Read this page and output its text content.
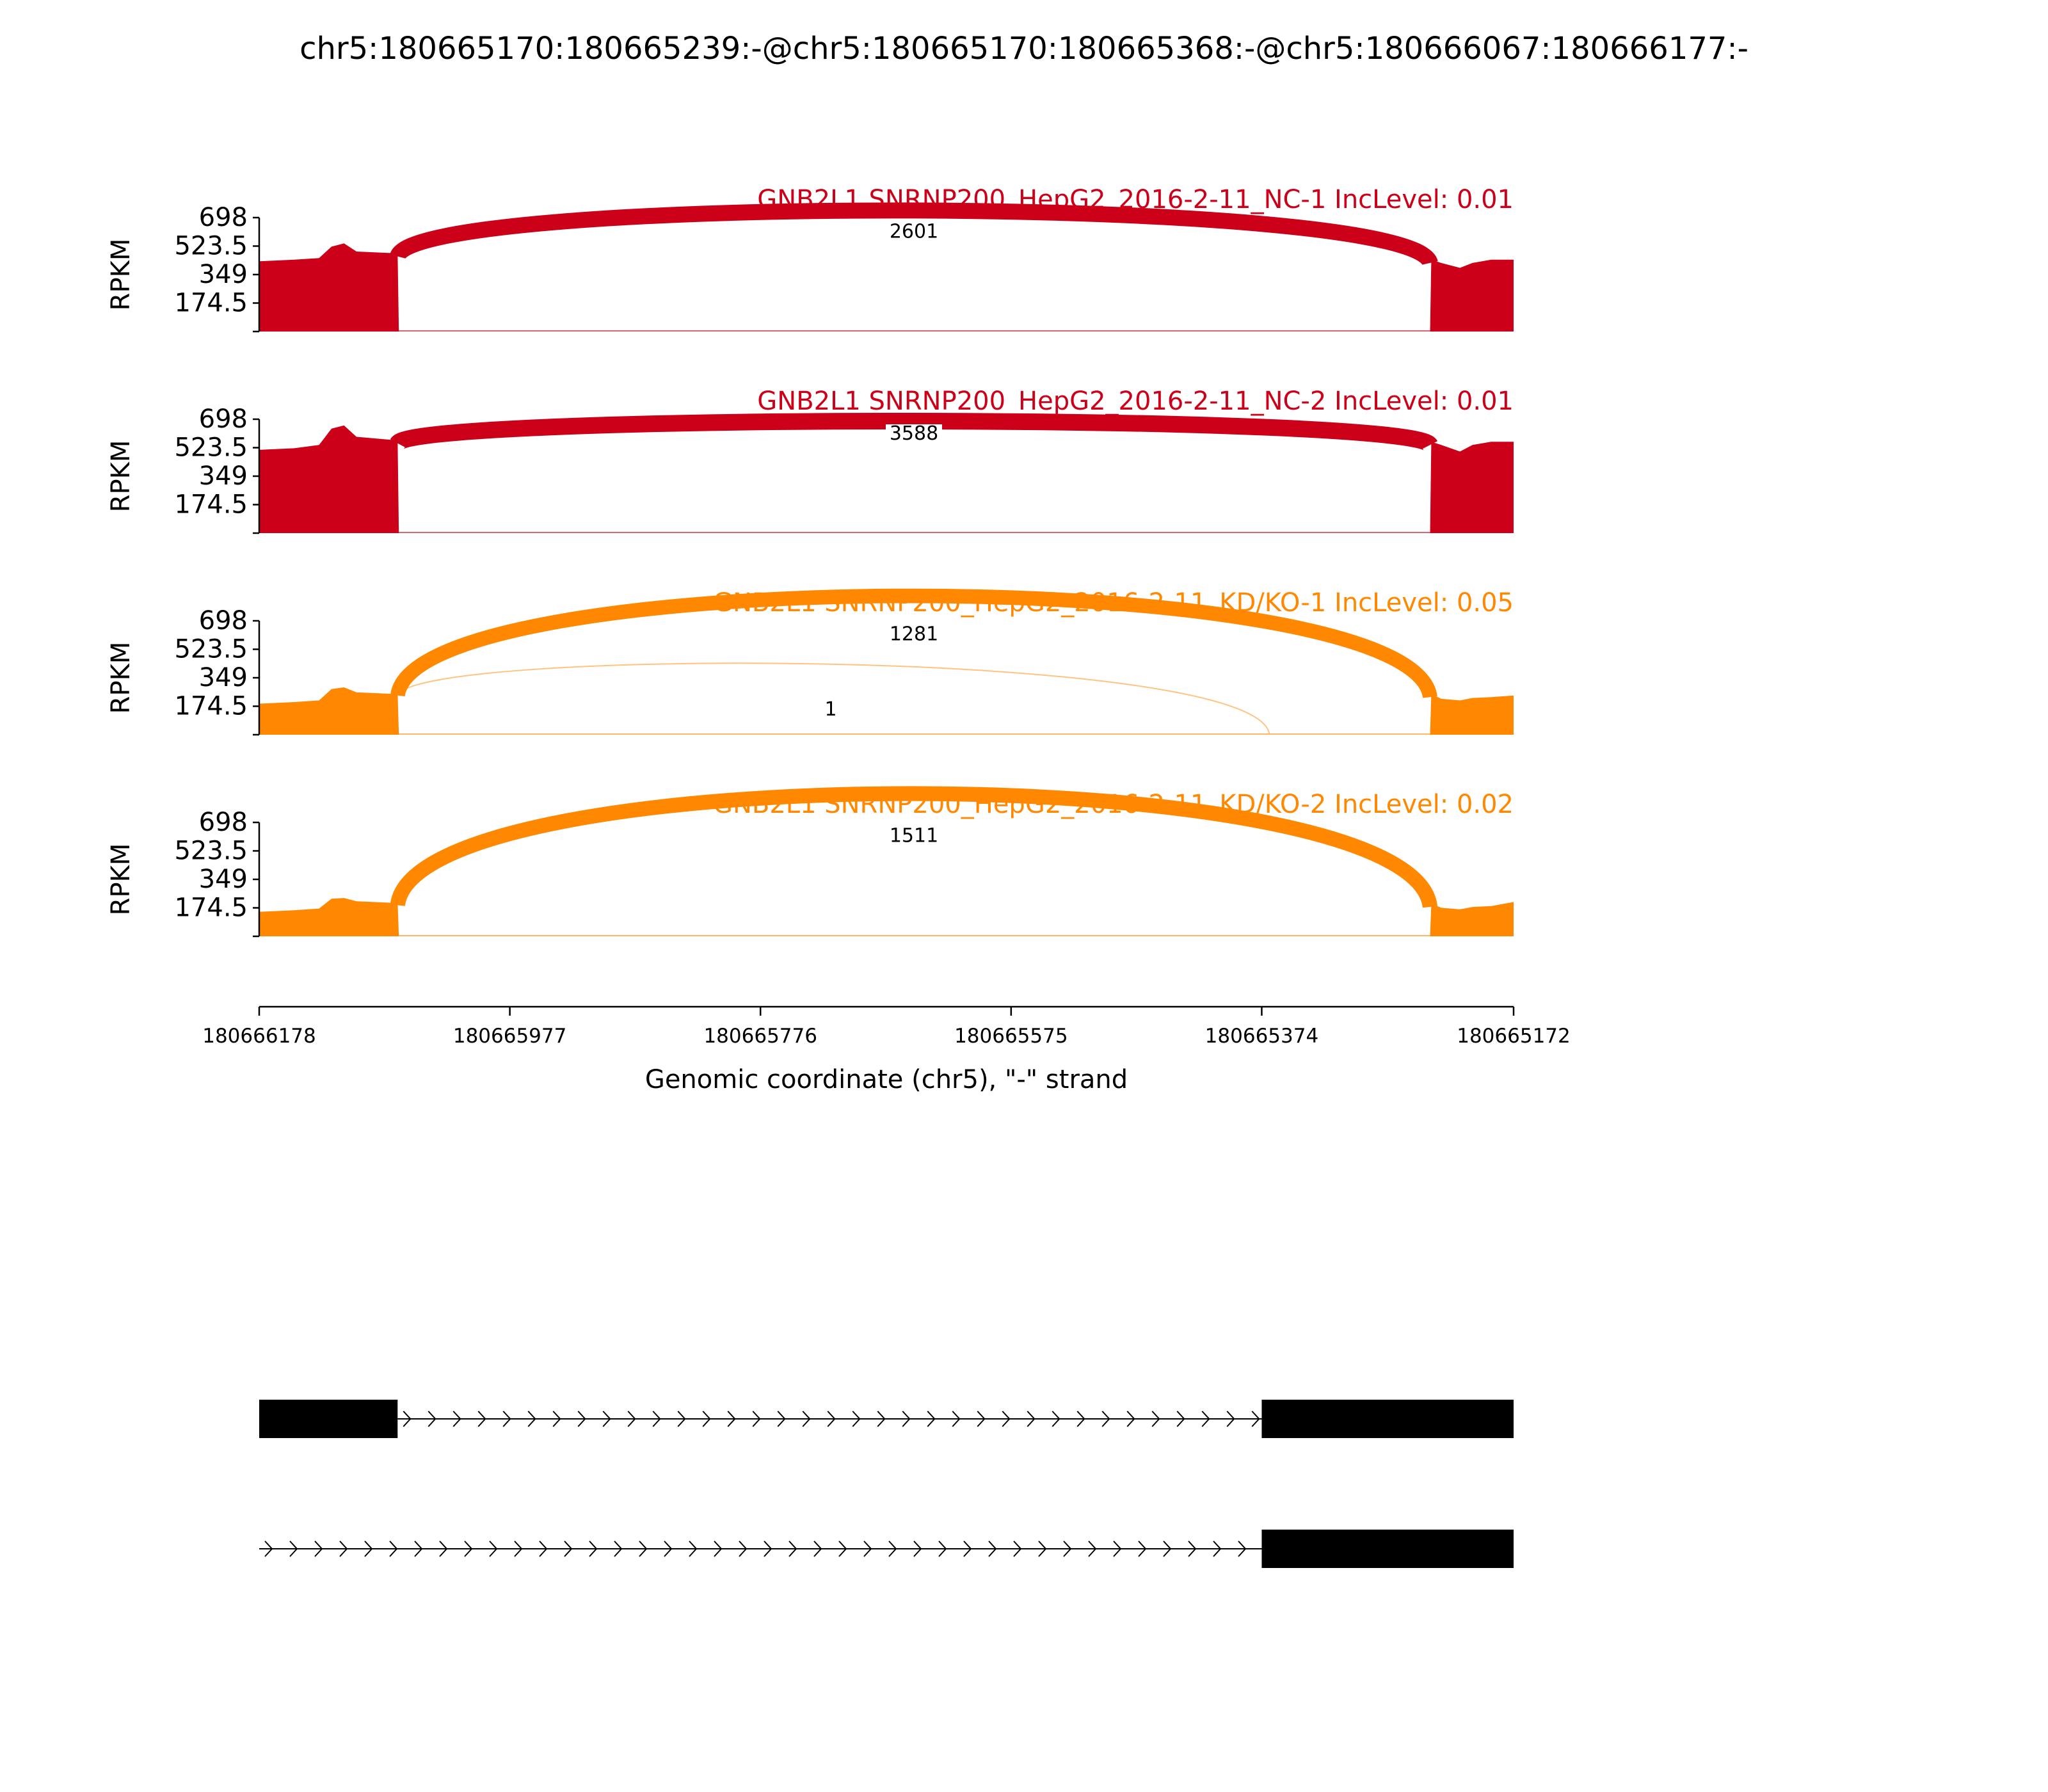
chr5:180665170:180665239:-@chr5:180665170:180665368:-@chr5:180666067:180666177:-
2601
174.5
349
523.5
698
RPKM
GNB2L1 SNRNP200_HepG2_2016-2-11_NC-1 IncLevel: 0.01
3588
174.5
349
523.5
698
RPKM
GNB2L1 SNRNP200_HepG2_2016-2-11_NC-2 IncLevel: 0.01
1281
1
174.5
349
523.5
698
RPKM
GNB2L1 SNRNP200_HepG2_2016-2-11_KD/KO-1 IncLevel: 0.05
1511
174.5
349
523.5
698
RPKM
GNB2L1 SNRNP200_HepG2_2016-2-11_KD/KO-2 IncLevel: 0.02
180666178	180665977	180665776	180665575	180665374	180665172
Genomic coordinate (chr5), "-" strand
